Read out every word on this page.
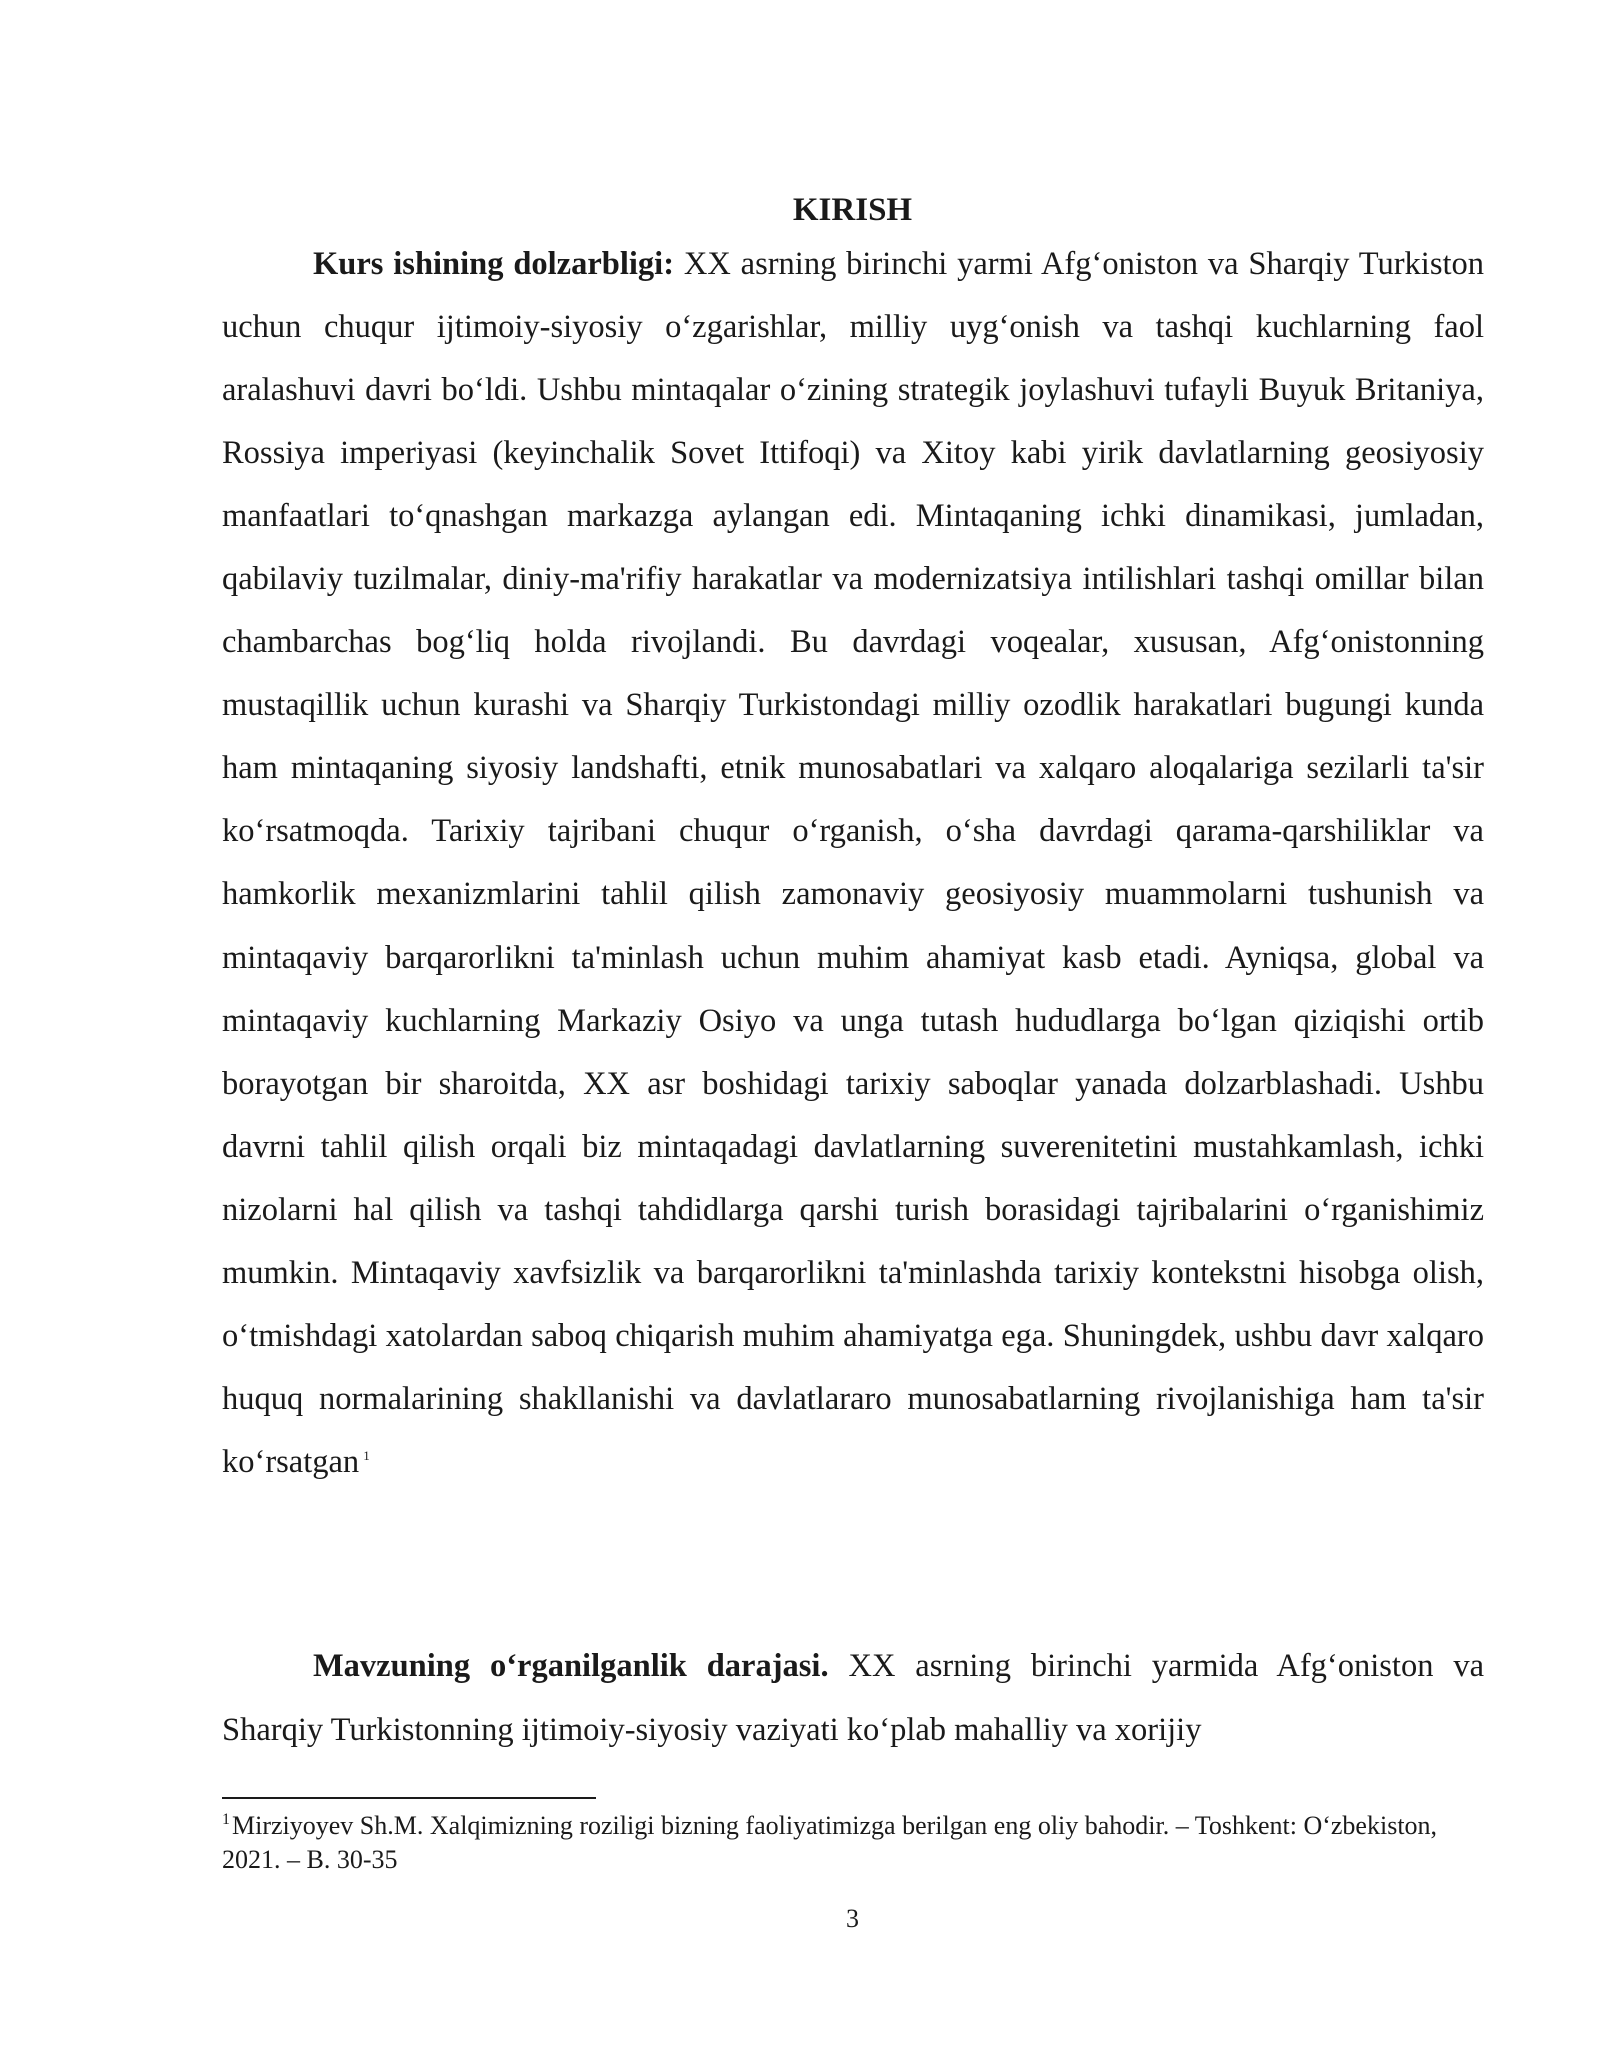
KIRISH

Kurs ishining dolzarbligi: XX asrning birinchi yarmi Afg‘oniston va Sharqiy Turkiston uchun chuqur ijtimoiy-siyosiy o‘zgarishlar, milliy uyg‘onish va tashqi kuchlarning faol aralashuvi davri bo‘ldi. Ushbu mintaqalar o‘zining strategik joylashuvi tufayli Buyuk Britaniya, Rossiya imperiyasi (keyinchalik Sovet Ittifoqi) va Xitoy kabi yirik davlatlarning geosiyosiy manfaatlari to‘qnashgan markazga aylangan edi. Mintaqaning ichki dinamikasi, jumladan, qabilaviy tuzilmalar, diniy-ma'rifiy harakatlar va modernizatsiya intilishlari tashqi omillar bilan chambarchas bog‘liq holda rivojlandi. Bu davrdagi voqealar, xususan, Afg‘onistonning mustaqillik uchun kurashi va Sharqiy Turkistondagi milliy ozodlik harakatlari bugungi kunda ham mintaqaning siyosiy landshafti, etnik munosabatlari va xalqaro aloqalariga sezilarli ta'sir ko‘rsatmoqda. Tarixiy tajribani chuqur o‘rganish, o‘sha davrdagi qarama-qarshiliklar va hamkorlik mexanizmlarini tahlil qilish zamonaviy geosiyosiy muammolarni tushunish va mintaqaviy barqarorlikni ta'minlash uchun muhim ahamiyat kasb etadi. Ayniqsa, global va mintaqaviy kuchlarning Markaziy Osiyo va unga tutash hududlarga bo‘lgan qiziqishi ortib borayotgan bir sharoitda, XX asr boshidagi tarixiy saboqlar yanada dolzarblashadi. Ushbu davrni tahlil qilish orqali biz mintaqadagi davlatlarning suverenitetini mustahkamlash, ichki nizolarni hal qilish va tashqi tahdidlarga qarshi turish borasidagi tajribalarini o‘rganishimiz mumkin. Mintaqaviy xavfsizlik va barqarorlikni ta'minlashda tarixiy kontekstni hisobga olish, o‘tmishdagi xatolardan saboq chiqarish muhim ahamiyatga ega. Shuningdek, ushbu davr xalqaro huquq normalarining shakllanishi va davlatlararo munosabatlarning rivojlanishiga ham ta'sir ko‘rsatgan $^1$

Mavzuning o‘rganilganlik darajasi. XX asrning birinchi yarmida Afg‘oniston va Sharqiy Turkistonning ijtimoiy-siyosiy vaziyati ko‘plab mahalliy va xorijiy

$^1$Mirziyoyev Sh.M. Xalqimizning roziligi bizning faoliyatimizga berilgan eng oliy bahodir. – Toshkent: O‘zbekiston, 2021. – B. 30-35

3
